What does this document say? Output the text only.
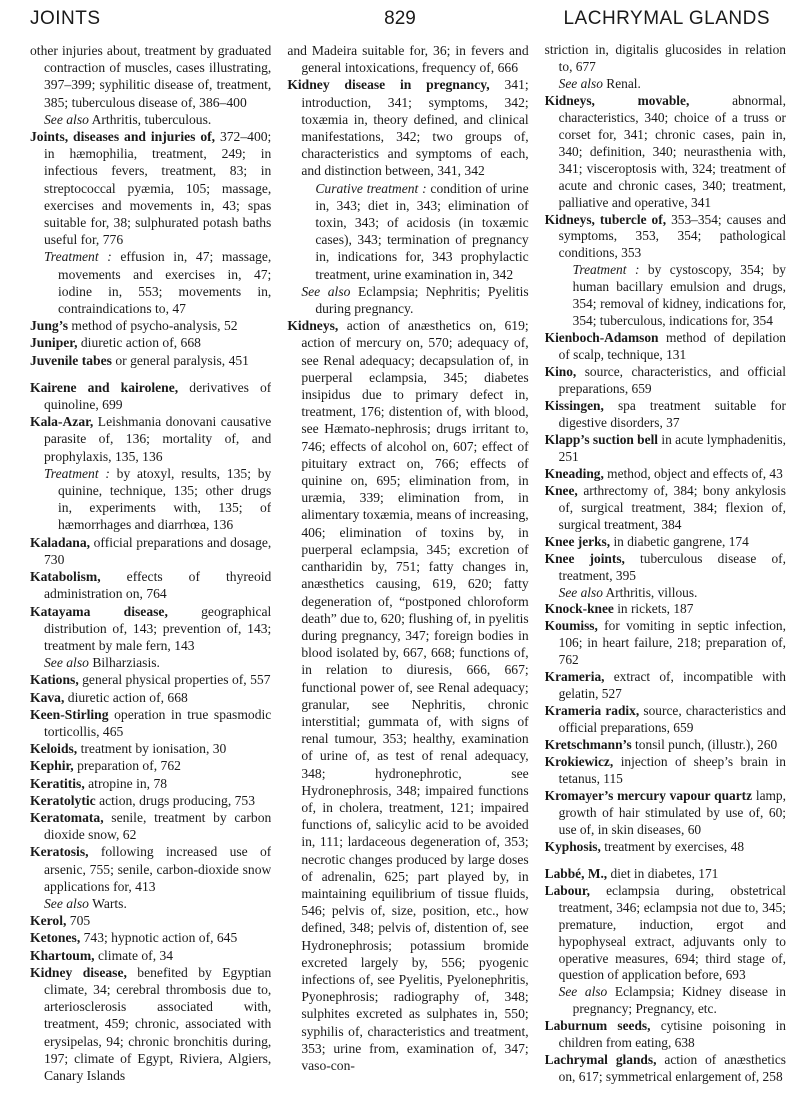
JOINTS	829	LACHRYMAL GLANDS

other injuries about, treatment by graduated contraction of muscles, cases illustrating, 397–399; syphilitic disease of, treatment, 385; tuberculous disease of, 386–400

See also Arthritis, tuberculous.

Joints, diseases and injuries of, 372–400; in hæmophilia, treatment, 249; in infectious fevers, treatment, 83; in streptococcal pyæmia, 105; massage, exercises and movements in, 43; spas suitable for, 38; sulphurated potash baths useful for, 776

Treatment : effusion in, 47; massage, movements and exercises in, 47; iodine in, 553; movements in, contraindications to, 47

Jung’s method of psycho-analysis, 52

Juniper, diuretic action of, 668

Juvenile tabes or general paralysis, 451

Kairene and kairolene, derivatives of quinoline, 699

Kala-Azar, Leishmania donovani causative parasite of, 136; mortality of, and prophylaxis, 135, 136

Treatment : by atoxyl, results, 135; by quinine, technique, 135; other drugs in, experiments with, 135; of hæmorrhages and diarrhœa, 136

Kaladana, official preparations and dosage, 730

Katabolism, effects of thyreoid administration on, 764

Katayama disease, geographical distribution of, 143; prevention of, 143; treatment by male fern, 143

See also Bilharziasis.

Kations, general physical properties of, 557

Kava, diuretic action of, 668

Keen-Stirling operation in true spasmodic torticollis, 465

Keloids, treatment by ionisation, 30

Kephir, preparation of, 762

Keratitis, atropine in, 78

Keratolytic action, drugs producing, 753

Keratomata, senile, treatment by carbon dioxide snow, 62

Keratosis, following increased use of arsenic, 755; senile, carbon-dioxide snow applications for, 413

See also Warts.

Kerol, 705

Ketones, 743; hypnotic action of, 645

Khartoum, climate of, 34

Kidney disease, benefited by Egyptian climate, 34; cerebral thrombosis due to, arteriosclerosis associated with, treatment, 459; chronic, associated with erysipelas, 94; chronic bronchitis during, 197; climate of Egypt, Riviera, Algiers, Canary Islands

and Madeira suitable for, 36; in fevers and general intoxications, frequency of, 666

Kidney disease in pregnancy, 341; introduction, 341; symptoms, 342; toxæmia in, theory defined, and clinical manifestations, 342; two groups of, characteristics and symptoms of each, and distinction between, 341, 342

Curative treatment : condition of urine in, 343; diet in, 343; elimination of toxin, 343; of acidosis (in toxæmic cases), 343; termination of pregnancy in, indications for, 343 prophylactic treatment, urine examination in, 342

See also Eclampsia; Nephritis; Pyelitis during pregnancy.

Kidneys, action of anæsthetics on, 619; action of mercury on, 570; adequacy of, see Renal adequacy; decapsulation of, in puerperal eclampsia, 345; diabetes insipidus due to primary defect in, treatment, 176; distention of, with blood, see Hæmato-nephrosis; drugs irritant to, 746; effects of alcohol on, 607; effect of pituitary extract on, 766; effects of quinine on, 695; elimination from, in uræmia, 339; elimination from, in alimentary toxæmia, means of increasing, 406; elimination of toxins by, in puerperal eclampsia, 345; excretion of cantharidin by, 751; fatty changes in, anæsthetics causing, 619, 620; fatty degeneration of, “postponed chloroform death” due to, 620; flushing of, in pyelitis during pregnancy, 347; foreign bodies in blood isolated by, 667, 668; functions of, in relation to diuresis, 666, 667; functional power of, see Renal adequacy; granular, see Nephritis, chronic interstitial; gummata of, with signs of renal tumour, 353; healthy, examination of urine of, as test of renal adequacy, 348; hydronephrotic, see Hydronephrosis, 348; impaired functions of, in cholera, treatment, 121; impaired functions of, salicylic acid to be avoided in, 111; lardaceous degeneration of, 353; necrotic changes produced by large doses of adrenalin, 625; part played by, in maintaining equilibrium of tissue fluids, 546; pelvis of, size, position, etc., how defined, 348; pelvis of, distention of, see Hydronephrosis; potassium bromide excreted largely by, 556; pyogenic infections of, see Pyelitis, Pyelonephritis, Pyonephrosis; radiography of, 348; sulphites excreted as sulphates in, 550; syphilis of, characteristics and treatment, 353; urine from, examination of, 347; vaso-con-

striction in, digitalis glucosides in relation to, 677

See also Renal.

Kidneys, movable, abnormal, characteristics, 340; choice of a truss or corset for, 341; chronic cases, pain in, 340; definition, 340; neurasthenia with, 341; visceroptosis with, 324; treatment of acute and chronic cases, 340; treatment, palliative and operative, 341

Kidneys, tubercle of, 353–354; causes and symptoms, 353, 354; pathological conditions, 353

Treatment : by cystoscopy, 354; by human bacillary emulsion and drugs, 354; removal of kidney, indications for, 354; tuberculous, indications for, 354

Kienboch-Adamson method of depilation of scalp, technique, 131

Kino, source, characteristics, and official preparations, 659

Kissingen, spa treatment suitable for digestive disorders, 37

Klapp’s suction bell in acute lymphadenitis, 251

Kneading, method, object and effects of, 43

Knee, arthrectomy of, 384; bony ankylosis of, surgical treatment, 384; flexion of, surgical treatment, 384

Knee jerks, in diabetic gangrene, 174

Knee joints, tuberculous disease of, treatment, 395

See also Arthritis, villous.

Knock-knee in rickets, 187

Koumiss, for vomiting in septic infection, 106; in heart failure, 218; preparation of, 762

Krameria, extract of, incompatible with gelatin, 527

Krameria radix, source, characteristics and official preparations, 659

Kretschmann’s tonsil punch, (illustr.), 260

Krokiewicz, injection of sheep’s brain in tetanus, 115

Kromayer’s mercury vapour quartz lamp, growth of hair stimulated by use of, 60; use of, in skin diseases, 60

Kyphosis, treatment by exercises, 48

Labbé, M., diet in diabetes, 171

Labour, eclampsia during, obstetrical treatment, 346; eclampsia not due to, 345; premature, induction, ergot and hypophyseal extract, adjuvants only to operative measures, 694; third stage of, question of application before, 693

See also Eclampsia; Kidney disease in pregnancy; Pregnancy, etc.

Laburnum seeds, cytisine poisoning in children from eating, 638

Lachrymal glands, action of anæsthetics on, 617; symmetrical enlargement of, 258
